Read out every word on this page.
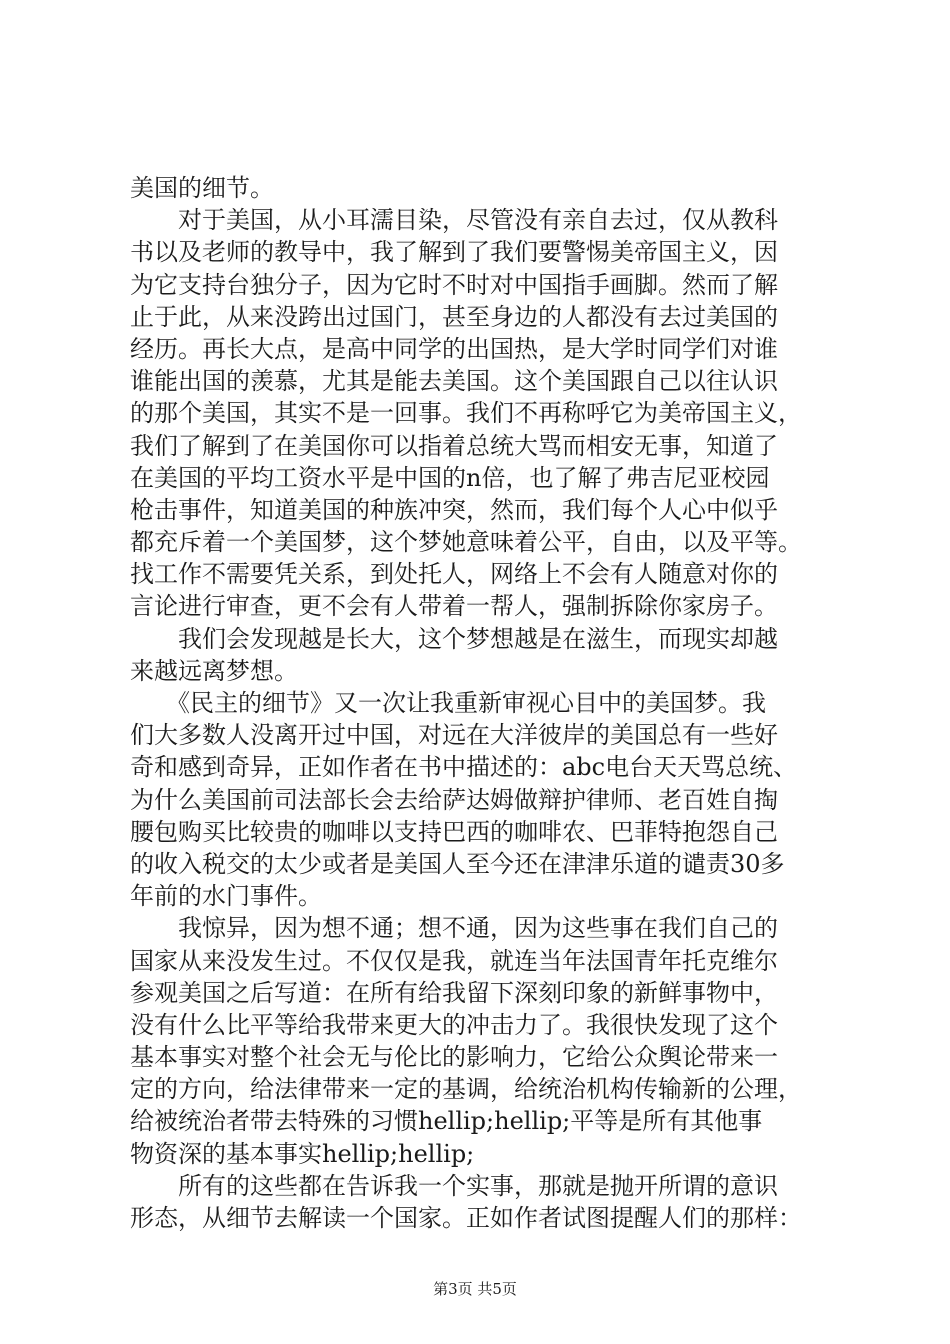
美国的细节。
　　对于美国，从小耳濡目染，尽管没有亲自去过，仅从教科
书以及老师的教导中，我了解到了我们要警惕美帝国主义，因
为它支持台独分子，因为它时不时对中国指手画脚。然而了解
止于此，从来没跨出过国门，甚至身边的人都没有去过美国的
经历。再长大点，是高中同学的出国热，是大学时同学们对谁
谁能出国的羡慕，尤其是能去美国。这个美国跟自己以往认识
的那个美国，其实不是一回事。我们不再称呼它为美帝国主义，
我们了解到了在美国你可以指着总统大骂而相安无事，知道了
在美国的平均工资水平是中国的n倍，也了解了弗吉尼亚校园
枪击事件，知道美国的种族冲突，然而，我们每个人心中似乎
都充斥着一个美国梦，这个梦她意味着公平，自由，以及平等。
找工作不需要凭关系，到处托人，网络上不会有人随意对你的
言论进行审查，更不会有人带着一帮人，强制拆除你家房子。
　　我们会发现越是长大，这个梦想越是在滋生，而现实却越
来越远离梦想。
　　《民主的细节》又一次让我重新审视心目中的美国梦。我
们大多数人没离开过中国，对远在大洋彼岸的美国总有一些好
奇和感到奇异，正如作者在书中描述的：abc电台天天骂总统、
为什么美国前司法部长会去给萨达姆做辩护律师、老百姓自掏
腰包购买比较贵的咖啡以支持巴西的咖啡农、巴菲特抱怨自己
的收入税交的太少或者是美国人至今还在津津乐道的谴责30多
年前的水门事件。
　　我惊异，因为想不通；想不通，因为这些事在我们自己的
国家从来没发生过。不仅仅是我，就连当年法国青年托克维尔
参观美国之后写道：在所有给我留下深刻印象的新鲜事物中，
没有什么比平等给我带来更大的冲击力了。我很快发现了这个
基本事实对整个社会无与伦比的影响力，它给公众舆论带来一
定的方向，给法律带来一定的基调，给统治机构传输新的公理，
给被统治者带去特殊的习惯hellip;hellip;平等是所有其他事
物资深的基本事实hellip;hellip;
　　所有的这些都在告诉我一个实事，那就是抛开所谓的意识
形态，从细节去解读一个国家。正如作者试图提醒人们的那样：
第3页 共5页
